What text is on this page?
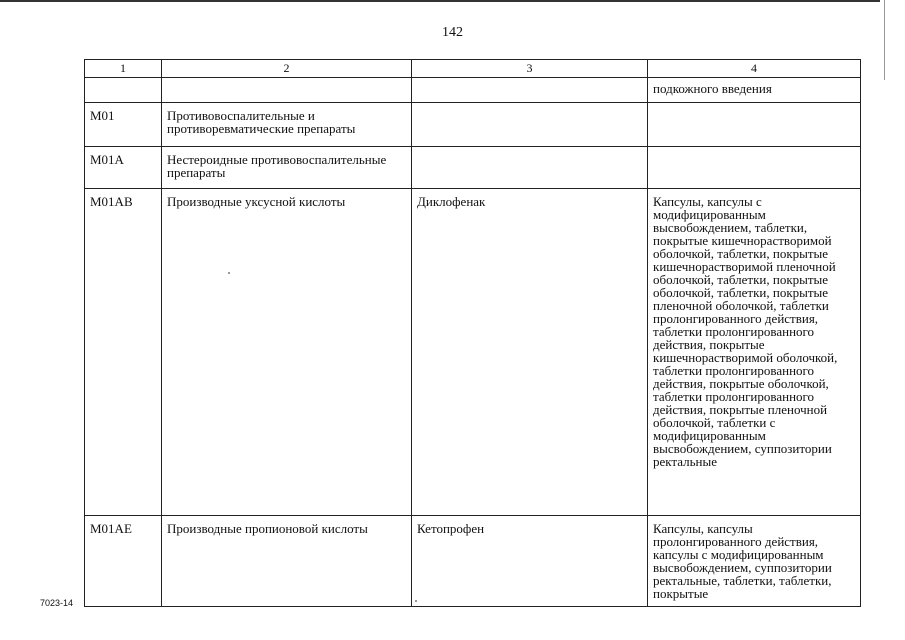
142
1	2	3	4
			подкожного введения
M01	Противовоспалительные и противоревматические препараты		
M01A	Нестероидные противовоспалительные препараты		
M01AB	Производные уксусной кислоты	Диклофенак	Капсулы, капсулы с модифицированным высвобождением, таблетки, покрытые кишечнорастворимой оболочкой, таблетки, покрытые кишечнорастворимой пленочной оболочкой, таблетки, покрытые оболочкой, таблетки, покрытые пленочной оболочкой, таблетки пролонгированного действия, таблетки пролонгированного действия, покрытые кишечнорастворимой оболочкой, таблетки пролонгированного действия, покрытые оболочкой, таблетки пролонгированного действия, покрытые пленочной оболочкой, таблетки с модифицированным высвобождением, суппозитории ректальные
M01AE	Производные пропионовой кислоты	Кетопрофен	Капсулы, капсулы пролонгированного действия, капсулы с модифицированным высвобождением, суппозитории ректальные, таблетки, таблетки, покрытые
7023-14
